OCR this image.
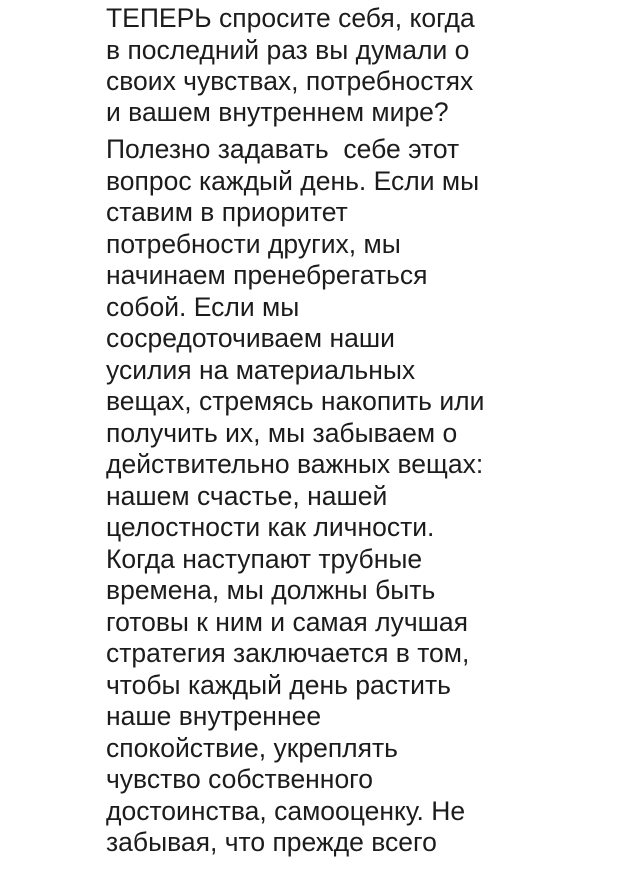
ТЕПЕРЬ спросите себя, когда
в последний раз вы думали о
своих чувствах, потребностях
и вашем внутреннем мире?
Полезно задавать  себе этот
вопрос каждый день. Если мы
ставим в приоритет
потребности других, мы
начинаем пренебрегаться
собой. Если мы
сосредоточиваем наши
усилия на материальных
вещах, стремясь накопить или
получить их, мы забываем о
действительно важных вещах:
нашем счастье, нашей
целостности как личности.
Когда наступают трубные
времена, мы должны быть
готовы к ним и самая лучшая
стратегия заключается в том,
чтобы каждый день растить
наше внутреннее
спокойствие, укреплять
чувство собственного
достоинства, самооценку. Не
забывая, что прежде всего
